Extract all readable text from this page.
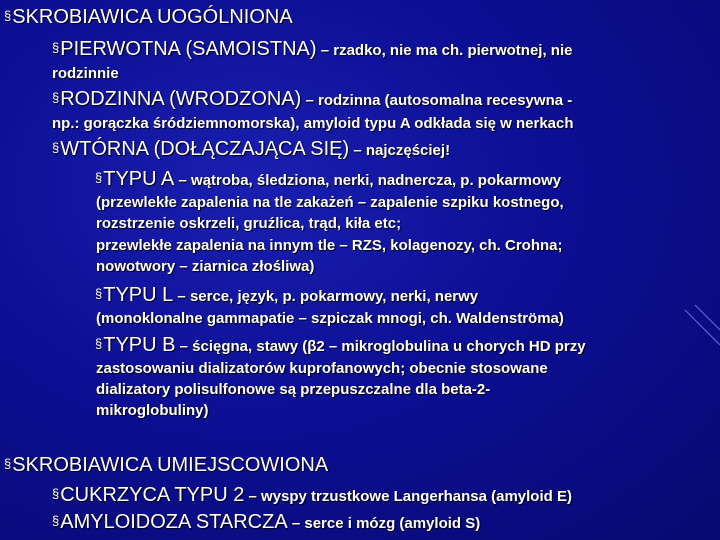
§SKROBIAWICA UOGÓLNIONA
§PIERWOTNA (SAMOISTNA) – rzadko, nie ma ch. pierwotnej, nie
rodzinnie
§RODZINNA (WRODZONA) – rodzinna (autosomalna recesywna -
np.: gorączka śródziemnomorska), amyloid typu A odkłada się w nerkach
§WTÓRNA (DOŁĄCZAJĄCA SIĘ) – najczęściej!
§TYPU A – wątroba, śledziona, nerki, nadnercza, p. pokarmowy
(przewlekłe zapalenia na tle zakażeń – zapalenie szpiku kostnego,
rozstrzenie oskrzeli, gruźlica, trąd, kiła etc;
przewlekłe zapalenia na innym tle – RZS, kolagenozy, ch. Crohna;
nowotwory – ziarnica złośliwa)
§TYPU L – serce, język, p. pokarmowy, nerki, nerwy
(monoklonalne gammapatie – szpiczak mnogi, ch. Waldenströma)
§TYPU B – ścięgna, stawy (β2 – mikroglobulina u chorych HD przy
zastosowaniu dializatorów kuprofanowych; obecnie stosowane
dializatory polisulfonowe są przepuszczalne dla beta-2-
mikroglobuliny)
§SKROBIAWICA UMIEJSCOWIONA
§CUKRZYCA TYPU 2 – wyspy trzustkowe Langerhansa (amyloid E)
§AMYLOIDOZA STARCZA – serce i mózg (amyloid S)
